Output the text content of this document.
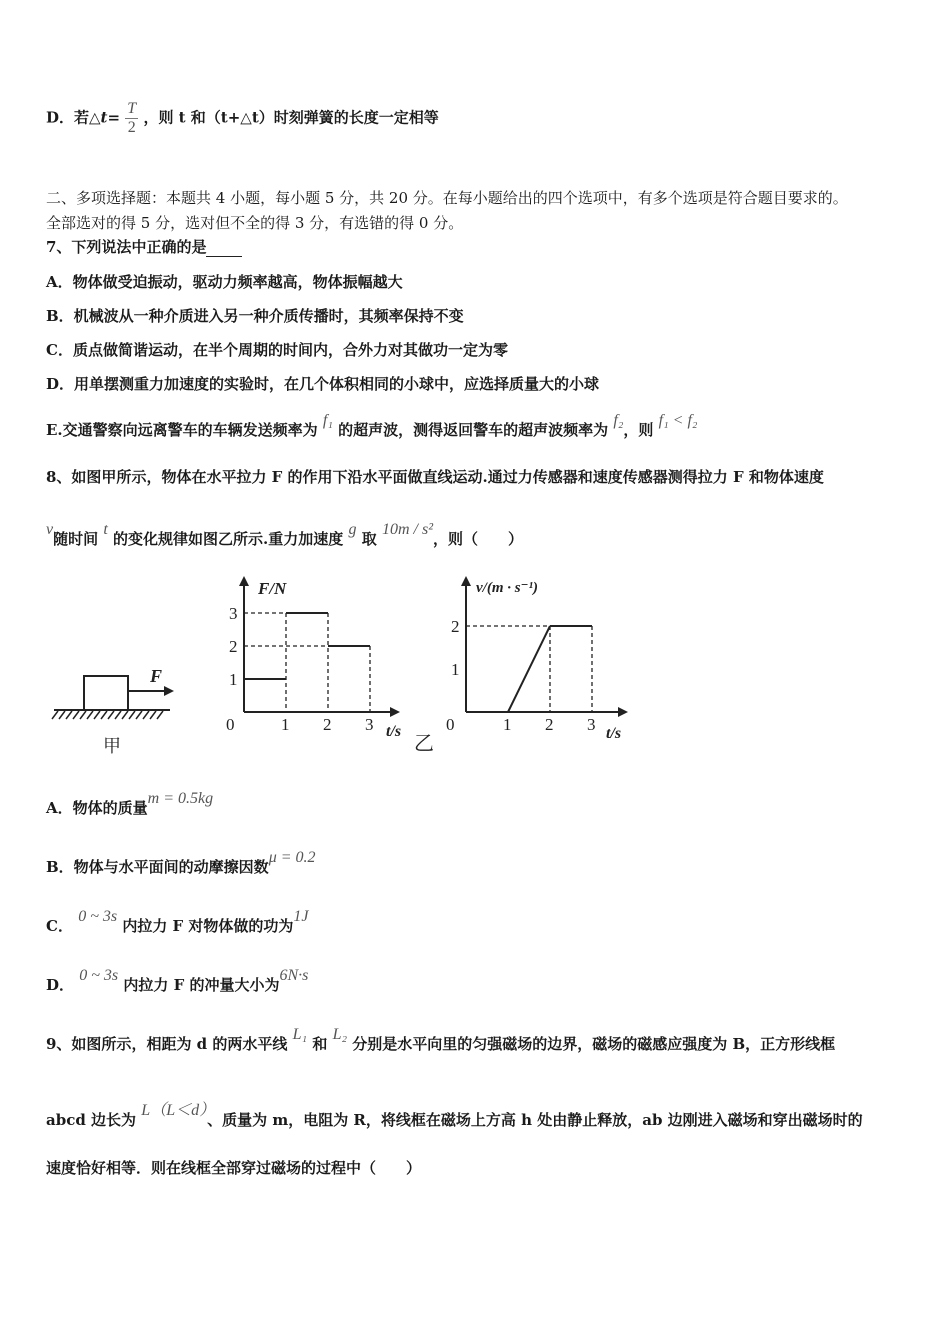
D．若△t= $\frac{T}{2}$ ，则 t 和（t+△t）时刻弹簧的长度一定相等
二、多项选择题：本题共 4 小题，每小题 5 分，共 20 分。在每小题给出的四个选项中，有多个选项是符合题目要求的。
全部选对的得 5 分，选对但不全的得 3 分，有选错的得 0 分。
7、下列说法中正确的是
A．物体做受迫振动，驱动力频率越高，物体振幅越大
B．机械波从一种介质进入另一种介质传播时，其频率保持不变
C．质点做简谐运动，在半个周期的时间内，合外力对其做功一定为零
D．用单摆测重力加速度的实验时，在几个体积相同的小球中，应选择质量大的小球
E.交通警察向远离警车的车辆发送频率为 f₁ 的超声波，测得返回警车的超声波频率为 f₂，则 f₁ < f₂
8、如图甲所示，物体在水平拉力 F 的作用下沿水平面做直线运动.通过力传感器和速度传感器测得拉力 F 和物体速度
v随时间 t 的变化规律如图乙所示.重力加速度 g 取 10m / s²，则（　　）
F
甲
F/N
t/s
0	1 2 3
1
2
3
v/(m · s⁻¹)
t/s
0	1 2 3
1
2
乙
A．物体的质量m = 0.5kg
B．物体与水平面间的动摩擦因数μ = 0.2
C． 0 ~ 3s 内拉力 F 对物体做的功为1J
D． 0 ~ 3s 内拉力 F 的冲量大小为6N·s
9、如图所示，相距为 d 的两水平线 L₁ 和 L₂ 分别是水平向里的匀强磁场的边界，磁场的磁感应强度为 B，正方形线框
abcd 边长为 L（L＜d）、质量为 m，电阻为 R，将线框在磁场上方高 h 处由静止释放，ab 边刚进入磁场和穿出磁场时的
速度恰好相等．则在线框全部穿过磁场的过程中（　　）
